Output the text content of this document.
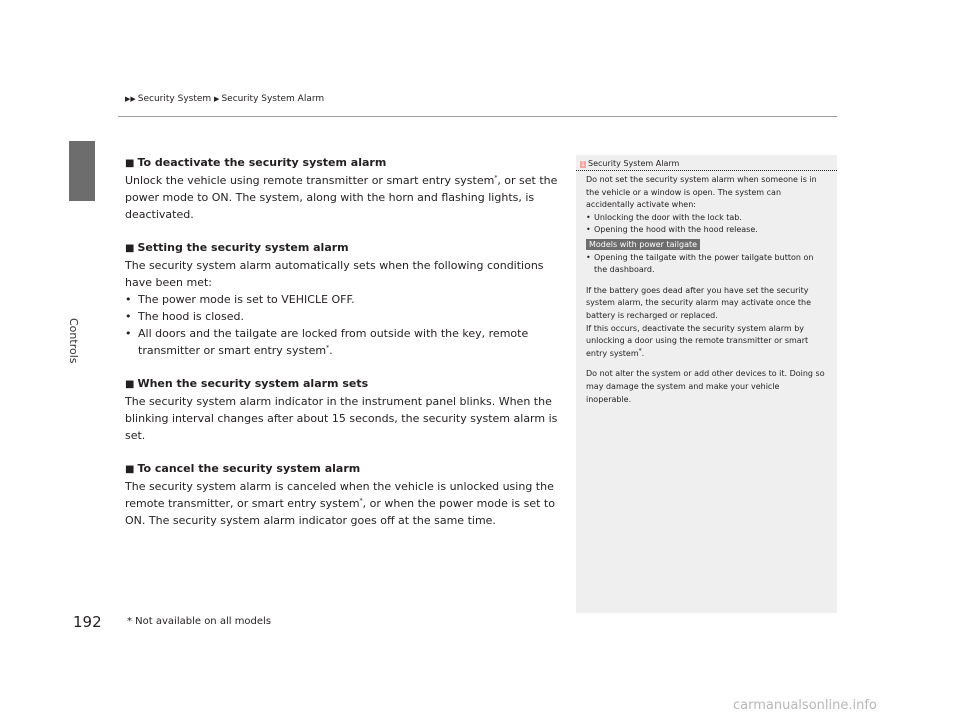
Controls
▶▶ Security System ▶ Security System Alarm
■ To deactivate the security system alarm

Unlock the vehicle using remote transmitter or smart entry system*, or set the power mode to ON. The system, along with the horn and flashing lights, is deactivated.

■ Setting the security system alarm

The security system alarm automatically sets when the following conditions have been met:

• The power mode is set to VEHICLE OFF.
• The hood is closed.
• All doors and the tailgate are locked from outside with the key, remote transmitter or smart entry system*.
■ When the security system alarm sets

The security system alarm indicator in the instrument panel blinks. When the blinking interval changes after about 15 seconds, the security system alarm is set.

■ To cancel the security system alarm

The security system alarm is canceled when the vehicle is unlocked using the remote transmitter, or smart entry system*, or when the power mode is set to ON. The security system alarm indicator goes off at the same time.

1 Security System Alarm

Do not set the security system alarm when someone is in the vehicle or a window is open. The system can accidentally activate when:

• Unlocking the door with the lock tab.

• Opening the hood with the hood release.

Models with power tailgate

• Opening the tailgate with the power tailgate button on the dashboard.

If the battery goes dead after you have set the security system alarm, the security alarm may activate once the battery is recharged or replaced.

If this occurs, deactivate the security system alarm by unlocking a door using the remote transmitter or smart entry system*.

Do not alter the system or add other devices to it. Doing so may damage the system and make your vehicle inoperable.

192	* Not available on all models
carmanualsonline.info
